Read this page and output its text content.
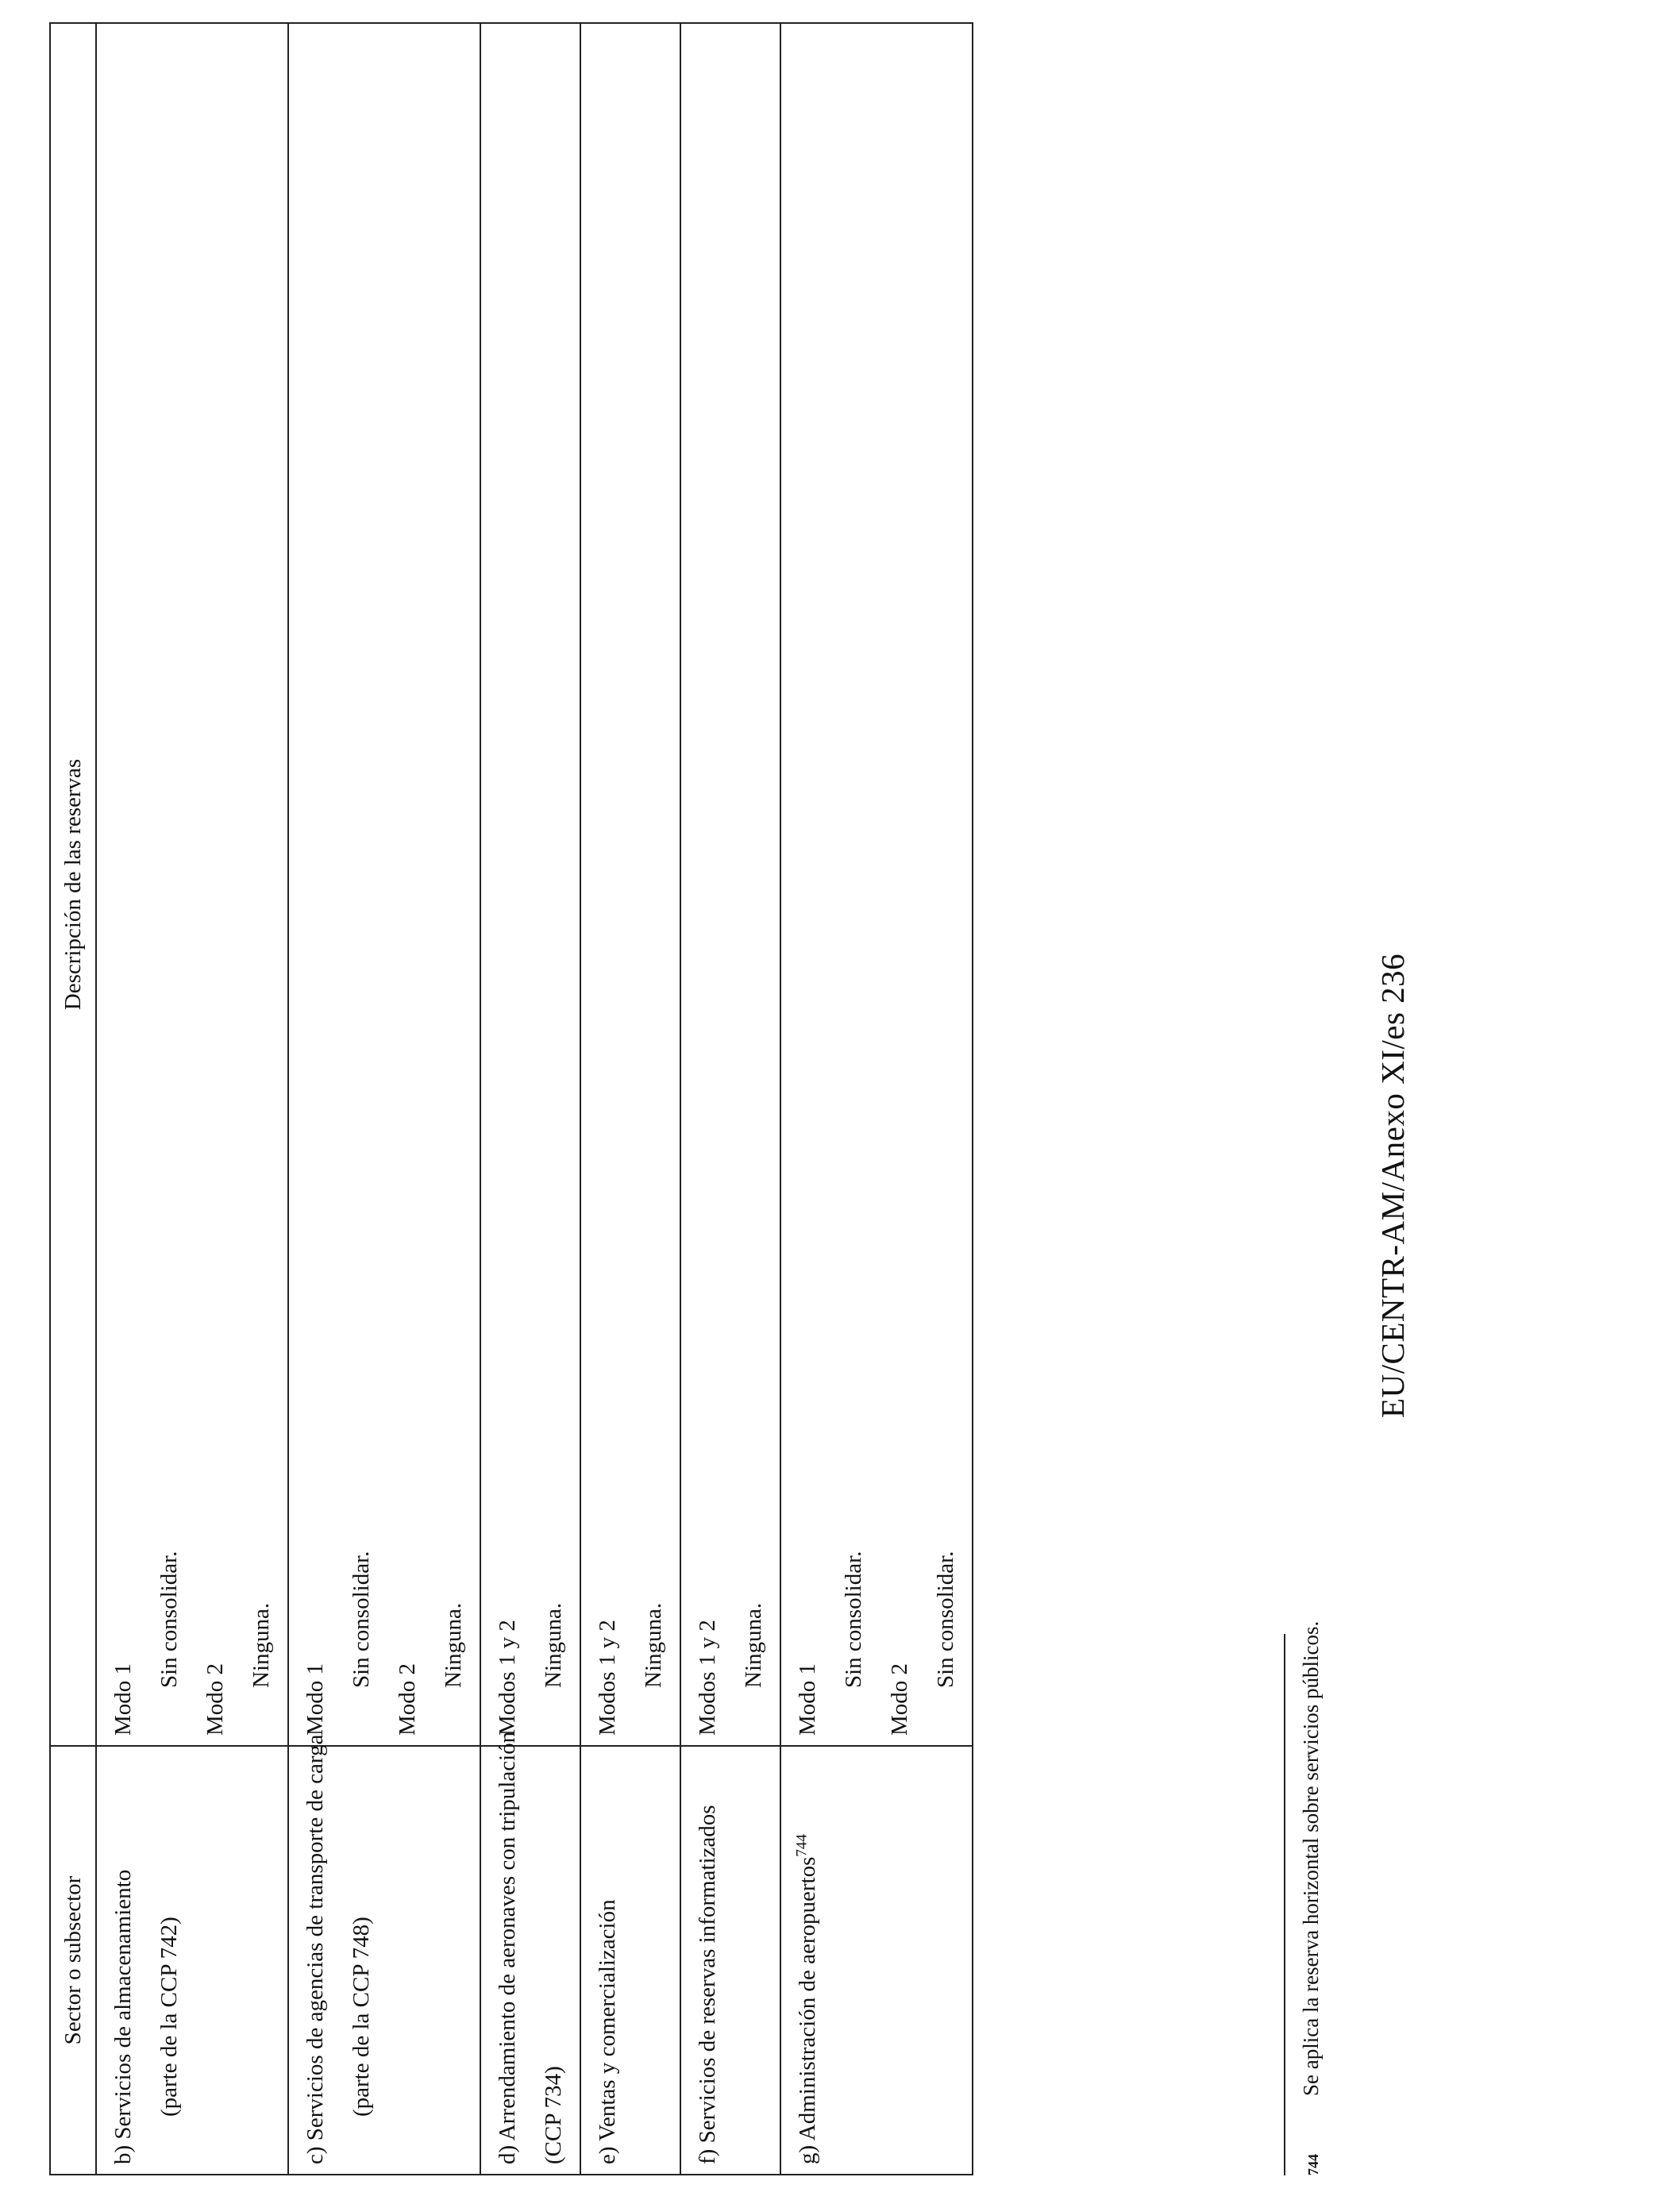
Sector o subsector	Descripción de las reservas

b) Servicios de almacenamiento (parte de la CCP 742)	Modo 1
Sin consolidar.
Modo 2
Ninguna.

c) Servicios de agencias de transporte de carga (parte de la CCP 748)	Modo 1
Sin consolidar.
Modo 2
Ninguna.

d) Arrendamiento de aeronaves con tripulación (CCP 734)	Modos 1 y 2 Ninguna.

e) Ventas y comercialización	Modos 1 y 2 Ninguna.

f) Servicios de reservas informatizados	Modos 1 y 2 Ninguna.

g) Administración de aeropuertos$^{744}$	Modo 1
Sin consolidar.
Modo 2
Sin consolidar.
EU/CENTR-AM/Anexo XI/es 236
744Se aplica la reserva horizontal sobre servicios públicos.
